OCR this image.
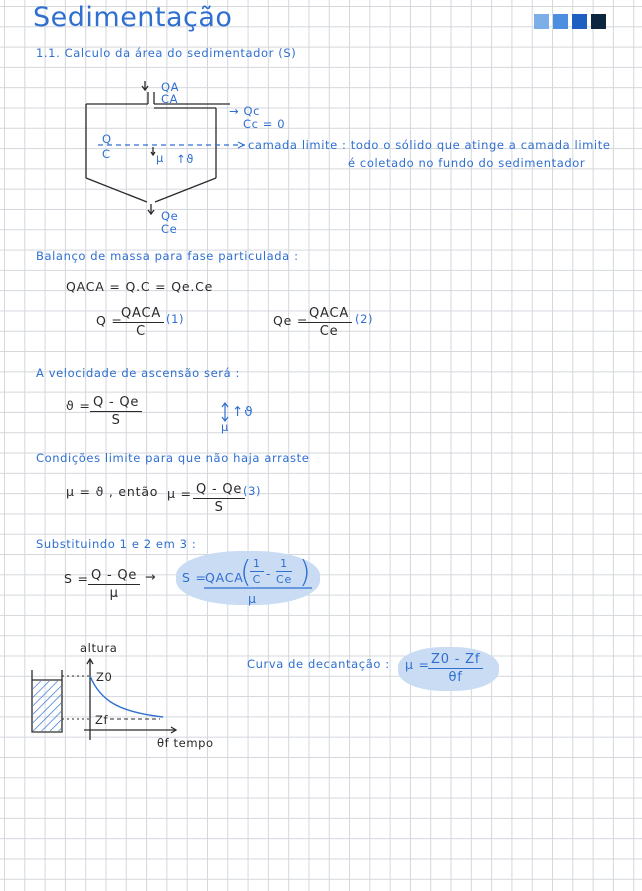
Sedimentação
1.1. Calculo da área do sedimentador (S)
QA
CA
→ Qc
Cc = 0
Q
C	μ ↑ϑ
camada limite : todo o sólido que atinge a camada limite
é coletado no fundo do sedimentador
Qe
Ce
Balanço de massa para fase particulada :
QACA = Q.C = Qe.Ce
Q =
QACA
C
(1)	Qe = QACA
Ce
(2)
A velocidade de ascensão será :
$ϑ = \frac{Q - Qe}{S}$	↑ϑ
μ
Condições limite para que não haja arraste
μ = ϑ , então $\mu = \frac{Q - Qe}{S}$
(3)
Substituindo 1 e 2 em 3 :
$S = \frac{Q - Qe}{\mu} \to S$ =
QACA
(
$\frac{1}{C} - \frac{1}{Ce}$ )
μ
altura
Z0
Zf
θf tempo
Curva de decantação : μ =
$\frac{Z0 - Zf}{\theta f}$
